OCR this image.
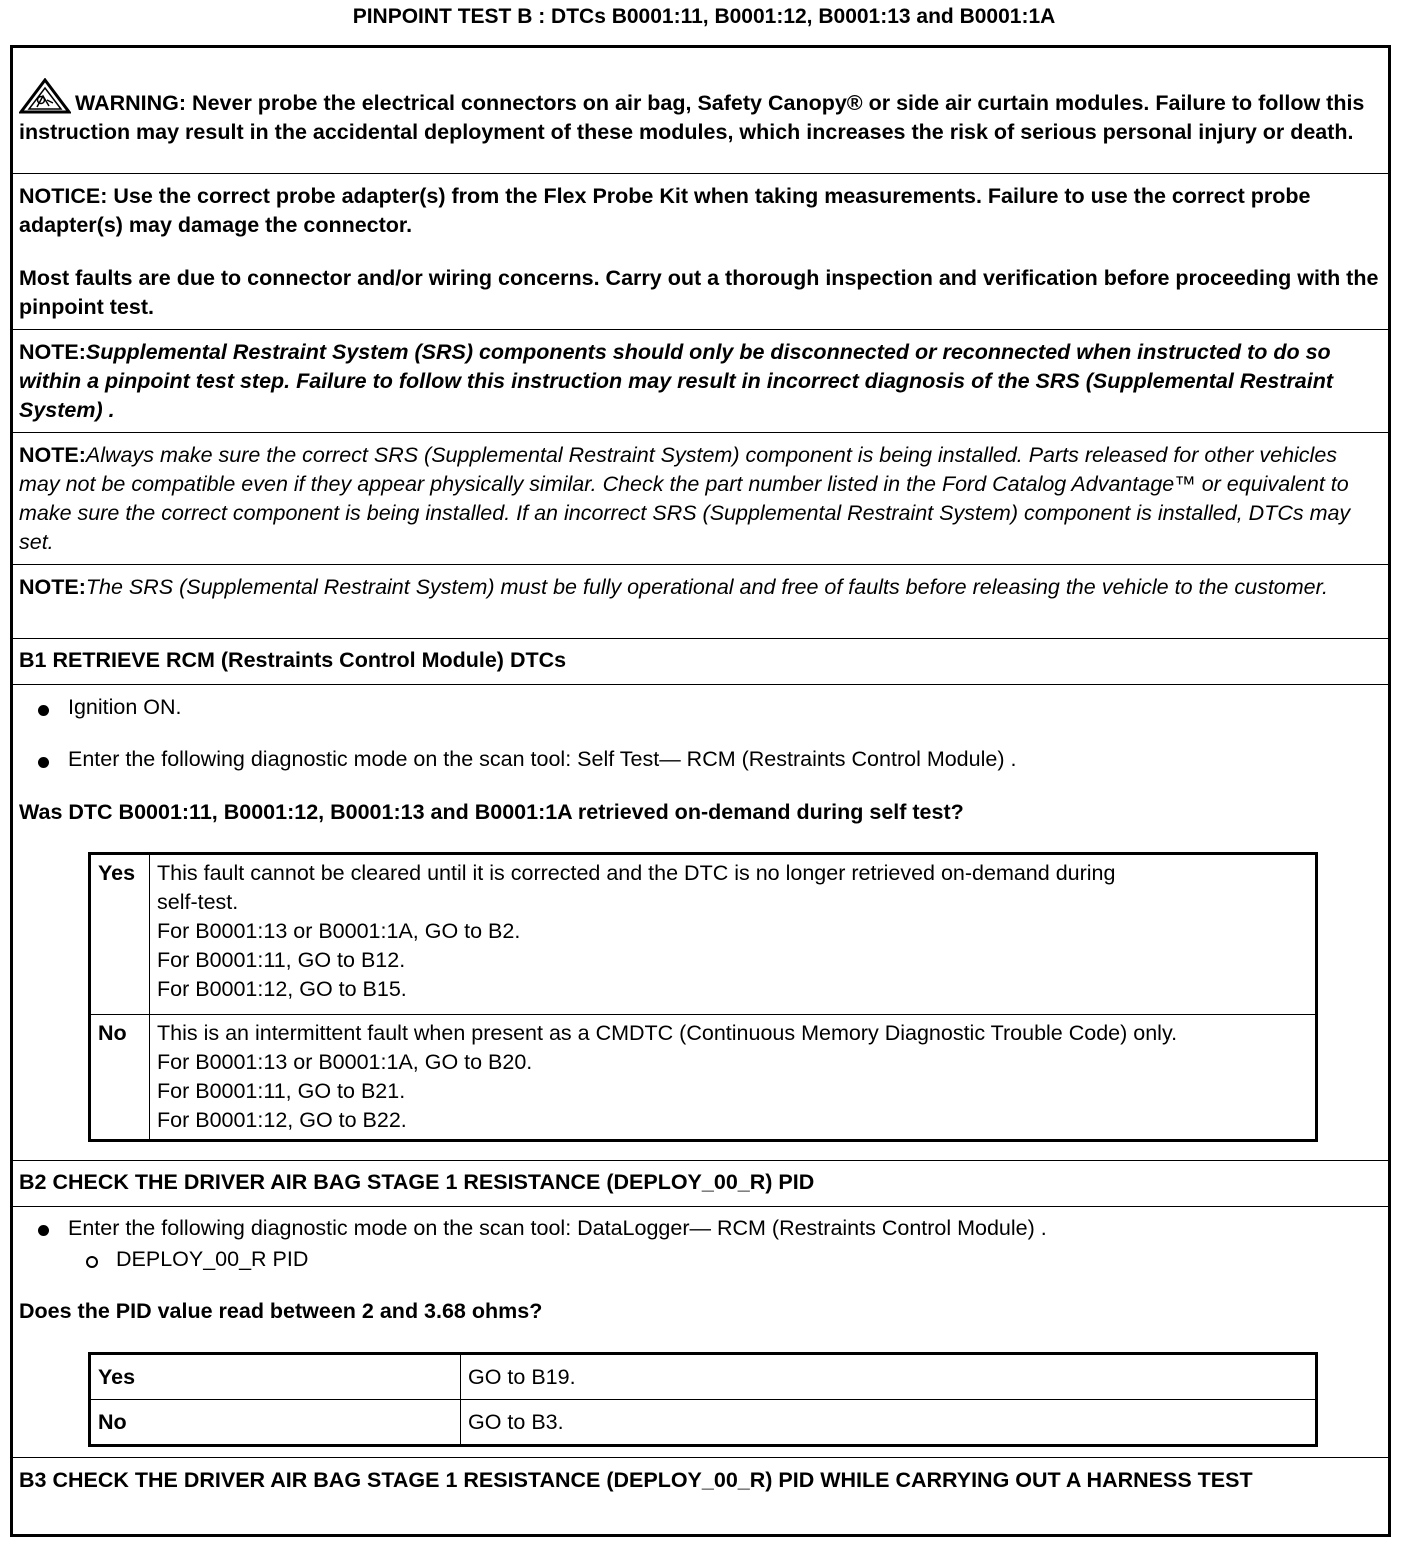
PINPOINT TEST B : DTCs B0001:11, B0001:12, B0001:13 and B0001:1A
WARNING: Never probe the electrical connectors on air bag, Safety Canopy® or side air curtain modules. Failure to follow this instruction may result in the accidental deployment of these modules, which increases the risk of serious personal injury or death.
NOTICE: Use the correct probe adapter(s) from the Flex Probe Kit when taking measurements. Failure to use the correct probe adapter(s) may damage the connector.
Most faults are due to connector and/or wiring concerns. Carry out a thorough inspection and verification before proceeding with the pinpoint test.
NOTE:Supplemental Restraint System (SRS) components should only be disconnected or reconnected when instructed to do so within a pinpoint test step. Failure to follow this instruction may result in incorrect diagnosis of the SRS (Supplemental Restraint System) .
NOTE:Always make sure the correct SRS (Supplemental Restraint System) component is being installed. Parts released for other vehicles may not be compatible even if they appear physically similar. Check the part number listed in the Ford Catalog Advantage™ or equivalent to make sure the correct component is being installed. If an incorrect SRS (Supplemental Restraint System) component is installed, DTCs may set.
NOTE:The SRS (Supplemental Restraint System) must be fully operational and free of faults before releasing the vehicle to the customer.
B1 RETRIEVE RCM (Restraints Control Module) DTCs
Ignition ON.
Enter the following diagnostic mode on the scan tool: Self Test— RCM (Restraints Control Module) .
Was DTC B0001:11, B0001:12, B0001:13 and B0001:1A retrieved on-demand during self test?
Yes	This fault cannot be cleared until it is corrected and the DTC is no longer retrieved on-demand during
self-test.
For B0001:13 or B0001:1A, GO to B2.
For B0001:11, GO to B12.
For B0001:12, GO to B15.

No	This is an intermittent fault when present as a CMDTC (Continuous Memory Diagnostic Trouble Code) only.
For B0001:13 or B0001:1A, GO to B20.
For B0001:11, GO to B21.
For B0001:12, GO to B22.
B2 CHECK THE DRIVER AIR BAG STAGE 1 RESISTANCE (DEPLOY_00_R) PID
Enter the following diagnostic mode on the scan tool: DataLogger— RCM (Restraints Control Module) .
DEPLOY_00_R PID
Does the PID value read between 2 and 3.68 ohms?
Yes	GO to B19.
No	GO to B3.
B3 CHECK THE DRIVER AIR BAG STAGE 1 RESISTANCE (DEPLOY_00_R) PID WHILE CARRYING OUT A HARNESS TEST
